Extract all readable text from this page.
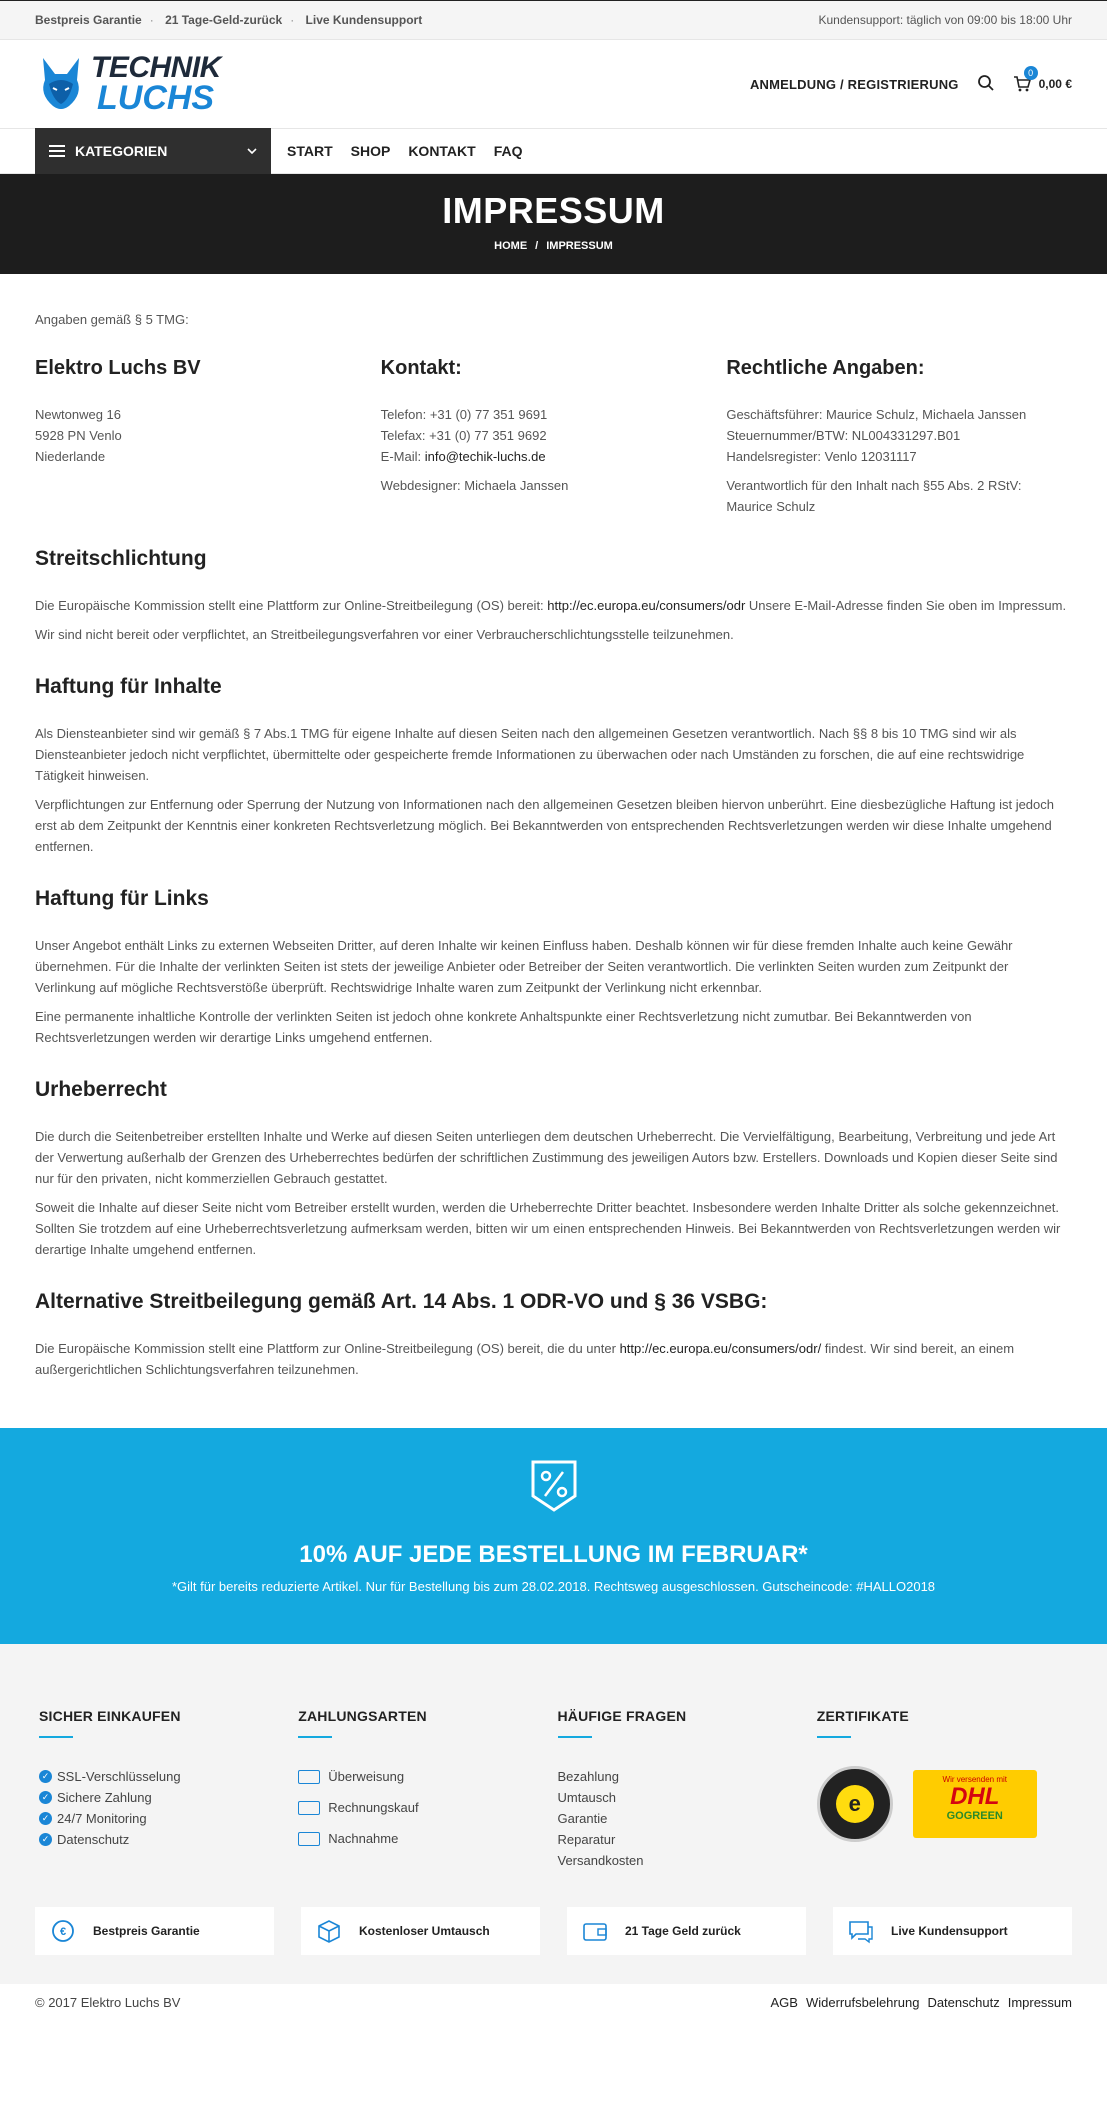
Bestpreis Garantie · 21 Tage-Geld-zurück · Live Kundensupport	Kundensupport: täglich von 09:00 bis 18:00 Uhr
TECHNIK
LUCHS	ANMELDUNG / REGISTRIERUNG
0
0,00 €
KATEGORIEN	START SHOP KONTAKT FAQ
IMPRESSUM
HOME / IMPRESSUM

Angaben gemäß § 5 TMG:

Elektro Luchs BV

Newtonweg 16

5928 PN Venlo

Niederlande

Kontakt:

Telefon: +31 (0) 77 351 9691

Telefax: +31 (0) 77 351 9692

E-Mail: info@techik-luchs.de

Webdesigner: Michaela Janssen

Rechtliche Angaben:

Geschäftsführer: Maurice Schulz, Michaela Janssen

Steuernummer/BTW: NL004331297.B01

Handelsregister: Venlo 12031117

Verantwortlich für den Inhalt nach §55 Abs. 2 RStV:

Maurice Schulz

Streitschlichtung

Die Europäische Kommission stellt eine Plattform zur Online-Streitbeilegung (OS) bereit: http://ec.europa.eu/consumers/odr Unsere E-Mail-Adresse finden Sie oben im Impressum.

Wir sind nicht bereit oder verpflichtet, an Streitbeilegungsverfahren vor einer Verbraucherschlichtungsstelle teilzunehmen.

Haftung für Inhalte

Als Diensteanbieter sind wir gemäß § 7 Abs.1 TMG für eigene Inhalte auf diesen Seiten nach den allgemeinen Gesetzen verantwortlich. Nach §§ 8 bis 10 TMG sind wir als Diensteanbieter jedoch nicht verpflichtet, übermittelte oder gespeicherte fremde Informationen zu überwachen oder nach Umständen zu forschen, die auf eine rechtswidrige Tätigkeit hinweisen.

Verpflichtungen zur Entfernung oder Sperrung der Nutzung von Informationen nach den allgemeinen Gesetzen bleiben hiervon unberührt. Eine diesbezügliche Haftung ist jedoch erst ab dem Zeitpunkt der Kenntnis einer konkreten Rechtsverletzung möglich. Bei Bekanntwerden von entsprechenden Rechtsverletzungen werden wir diese Inhalte umgehend entfernen.

Haftung für Links

Unser Angebot enthält Links zu externen Webseiten Dritter, auf deren Inhalte wir keinen Einfluss haben. Deshalb können wir für diese fremden Inhalte auch keine Gewähr übernehmen. Für die Inhalte der verlinkten Seiten ist stets der jeweilige Anbieter oder Betreiber der Seiten verantwortlich. Die verlinkten Seiten wurden zum Zeitpunkt der Verlinkung auf mögliche Rechtsverstöße überprüft. Rechtswidrige Inhalte waren zum Zeitpunkt der Verlinkung nicht erkennbar.

Eine permanente inhaltliche Kontrolle der verlinkten Seiten ist jedoch ohne konkrete Anhaltspunkte einer Rechtsverletzung nicht zumutbar. Bei Bekanntwerden von Rechtsverletzungen werden wir derartige Links umgehend entfernen.

Urheberrecht

Die durch die Seitenbetreiber erstellten Inhalte und Werke auf diesen Seiten unterliegen dem deutschen Urheberrecht. Die Vervielfältigung, Bearbeitung, Verbreitung und jede Art der Verwertung außerhalb der Grenzen des Urheberrechtes bedürfen der schriftlichen Zustimmung des jeweiligen Autors bzw. Erstellers. Downloads und Kopien dieser Seite sind nur für den privaten, nicht kommerziellen Gebrauch gestattet.

Soweit die Inhalte auf dieser Seite nicht vom Betreiber erstellt wurden, werden die Urheberrechte Dritter beachtet. Insbesondere werden Inhalte Dritter als solche gekennzeichnet. Sollten Sie trotzdem auf eine Urheberrechtsverletzung aufmerksam werden, bitten wir um einen entsprechenden Hinweis. Bei Bekanntwerden von Rechtsverletzungen werden wir derartige Inhalte umgehend entfernen.

Alternative Streitbeilegung gemäß Art. 14 Abs. 1 ODR-VO und § 36 VSBG:

Die Europäische Kommission stellt eine Plattform zur Online-Streitbeilegung (OS) bereit, die du unter http://ec.europa.eu/consumers/odr/ findest. Wir sind bereit, an einem außergerichtlichen Schlichtungsverfahren teilzunehmen.

10% AUF JEDE BESTELLUNG IM FEBRUAR*

*Gilt für bereits reduzierte Artikel. Nur für Bestellung bis zum 28.02.2018. Rechtsweg ausgeschlossen. Gutscheincode: #HALLO2018

SICHER EINKAUFEN
✓ SSL-Verschlüsselung
✓ Sichere Zahlung
✓ 24/7 Monitoring
✓ Datenschutz
ZAHLUNGSARTEN
Überweisung
Rechnungskauf
Nachnahme
HÄUFIGE FRAGEN
Bezahlung
Umtausch
Garantie
Reparatur
Versandkosten
ZERTIFIKATE
e
Wir versenden mit
DHL
GOGREEN
€ Bestpreis Garantie	Kostenloser Umtausch	21 Tage Geld zurück	Live Kundensupport
© 2017 Elektro Luchs BV	AGB Widerrufsbelehrung Datenschutz Impressum
